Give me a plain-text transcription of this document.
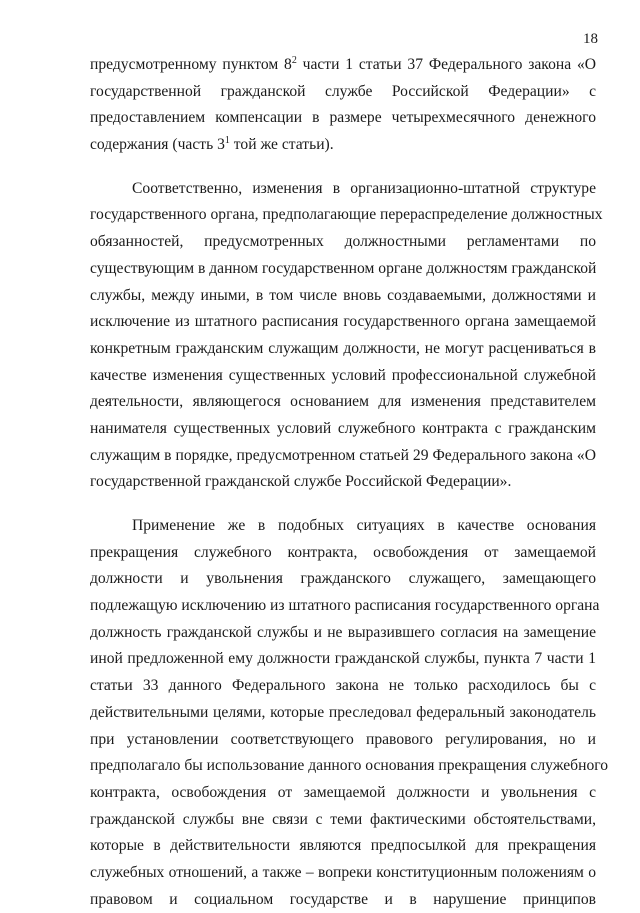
18
предусмотренному пунктом $8^2$ части 1 статьи 37 Федерального закона «О
государственной гражданской службе Российской Федерации» с
предоставлением компенсации в размере четырехмесячного денежного
содержания (часть $3^1$ той же статьи).
Соответственно, изменения в организационно-штатной структуре
государственного органа, предполагающие перераспределение должностных
обязанностей, предусмотренных должностными регламентами по
существующим в данном государственном органе должностям гражданской
службы, между иными, в том числе вновь создаваемыми, должностями и
исключение из штатного расписания государственного органа замещаемой
конкретным гражданским служащим должности, не могут расцениваться в
качестве изменения существенных условий профессиональной служебной
деятельности, являющегося основанием для изменения представителем
нанимателя существенных условий служебного контракта с гражданским
служащим в порядке, предусмотренном статьей 29 Федерального закона «О
государственной гражданской службе Российской Федерации».
Применение же в подобных ситуациях в качестве основания
прекращения служебного контракта, освобождения от замещаемой
должности и увольнения гражданского служащего, замещающего
подлежащую исключению из штатного расписания государственного органа
должность гражданской службы и не выразившего согласия на замещение
иной предложенной ему должности гражданской службы, пункта 7 части 1
статьи 33 данного Федерального закона не только расходилось бы с
действительными целями, которые преследовал федеральный законодатель
при установлении соответствующего правового регулирования, но и
предполагало бы использование данного основания прекращения служебного
контракта, освобождения от замещаемой должности и увольнения с
гражданской службы вне связи с теми фактическими обстоятельствами,
которые в действительности являются предпосылкой для прекращения
служебных отношений, а также – вопреки конституционным положениям о
правовом и социальном государстве и в нарушение принципов
